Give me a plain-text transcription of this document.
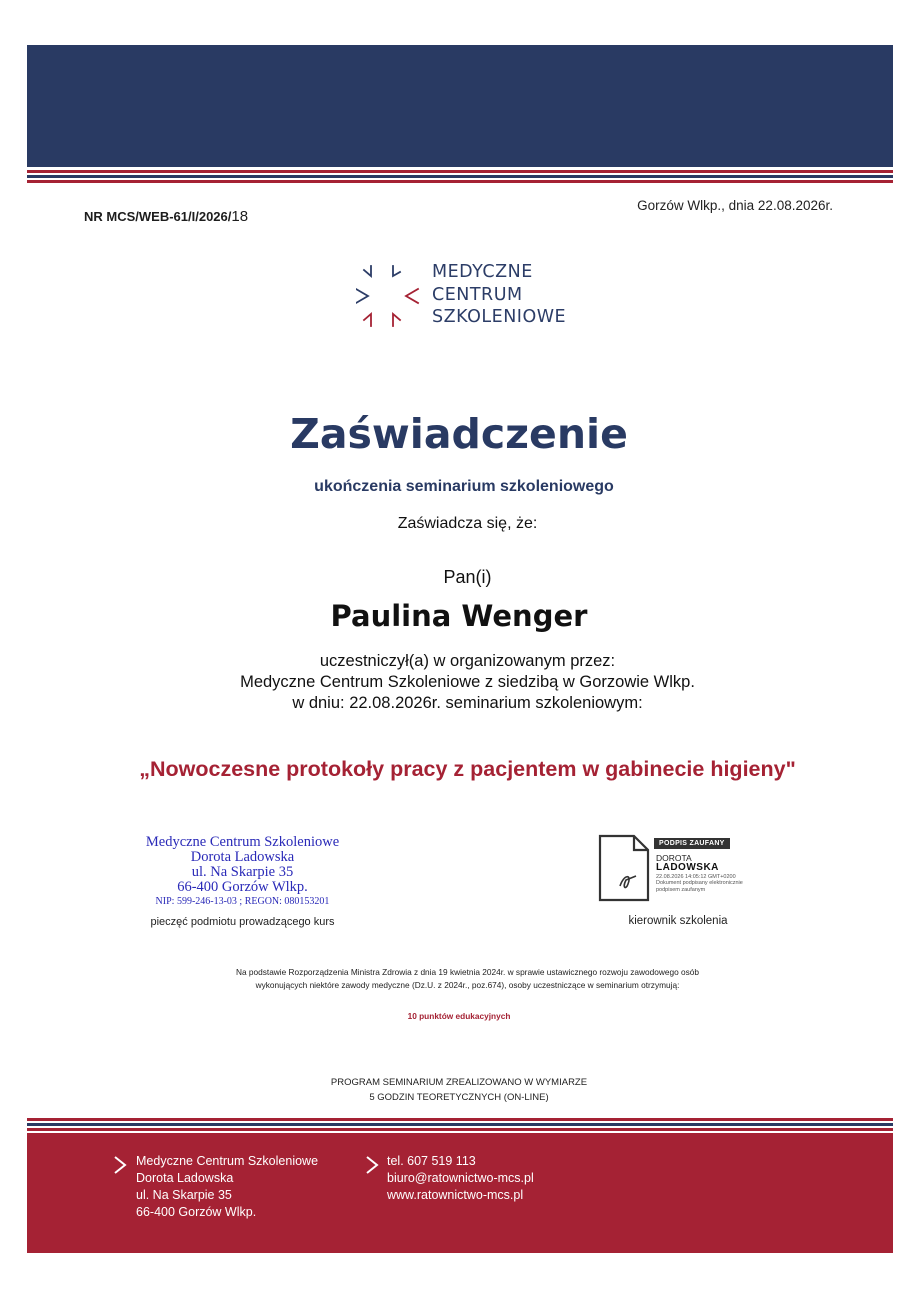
NR MCS/WEB-61/I/2026/18
Gorzów Wlkp., dnia 22.08.2026r.
MEDYCZNE
CENTRUM
SZKOLENIOWE
Zaświadczenie
ukończenia seminarium szkoleniowego
Zaświadcza się, że:
Pan(i)
Paulina Wenger
uczestniczył(a) w organizowanym przez:
Medyczne Centrum Szkoleniowe z siedzibą w Gorzowie Wlkp.
w dniu: 22.08.2026r. seminarium szkoleniowym:
„Nowoczesne protokoły pracy z pacjentem w gabinecie higieny"
Medyczne Centrum Szkoleniowe
Dorota Ladowska
ul. Na Skarpie 35
66-400 Gorzów Wlkp.
NIP: 599-246-13-03 ; REGON: 080153201
pieczęć podmiotu prowadzącego kurs
PODPIS ZAUFANY
DOROTA
LADOWSKA
22.08.2026 14:05:12 GMT+0200
Dokument podpisany elektronicznie podpisem zaufanym
kierownik szkolenia
Na podstawie Rozporządzenia Ministra Zdrowia z dnia 19 kwietnia 2024r. w sprawie ustawicznego rozwoju zawodowego osób
wykonujących niektóre zawody medyczne (Dz.U. z 2024r., poz.674), osoby uczestniczące w seminarium otrzymują:
10 punktów edukacyjnych
PROGRAM SEMINARIUM ZREALIZOWANO W WYMIARZE
5 GODZIN TEORETYCZNYCH (ON-LINE)
Medyczne Centrum Szkoleniowe
Dorota Ladowska
ul. Na Skarpie 35
66-400 Gorzów Wlkp.
tel. 607 519 113
biuro@ratownictwo-mcs.pl
www.ratownictwo-mcs.pl
